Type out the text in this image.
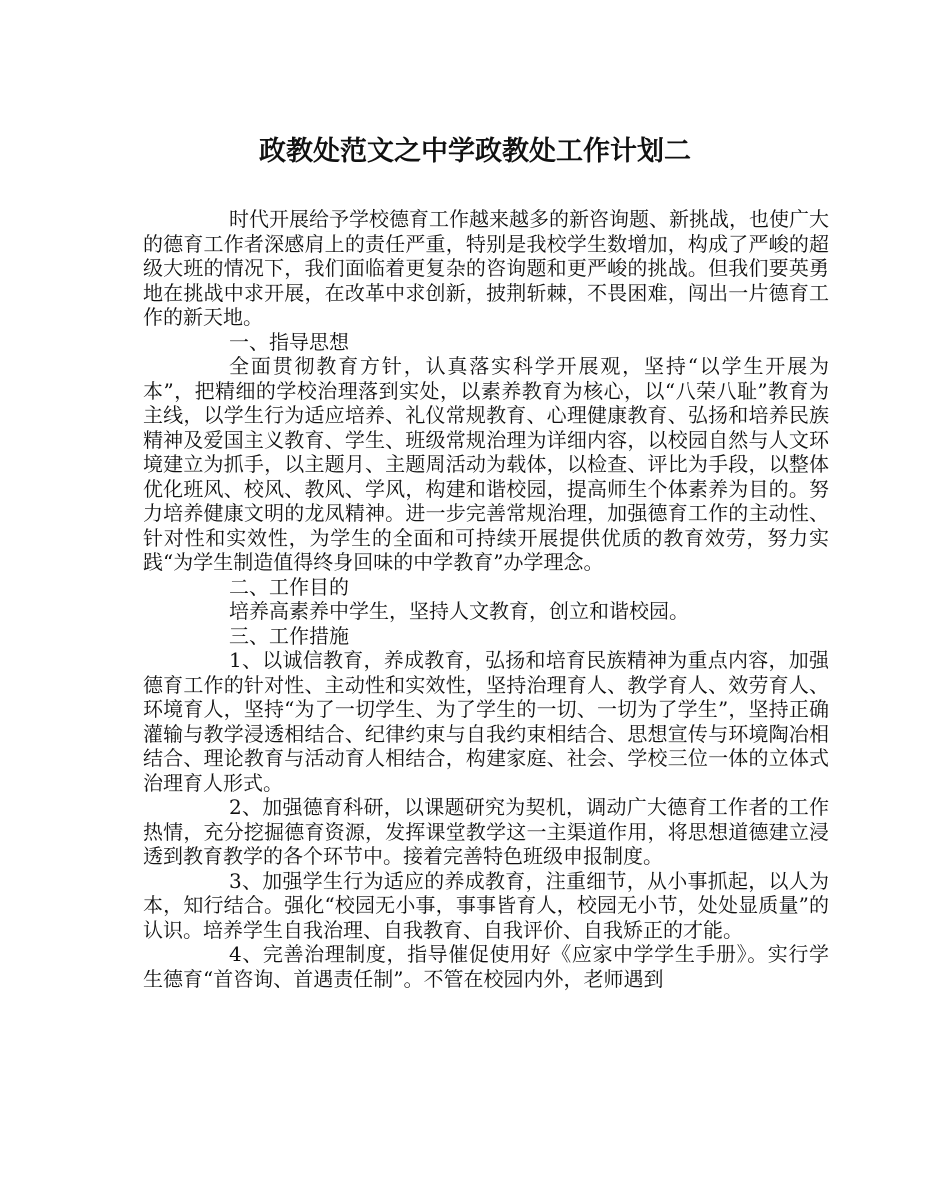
政教处范文之中学政教处工作计划二

时代开展给予学校德育工作越来越多的新咨询题、新挑战，也使广大的德育工作者深感肩上的责任严重，特别是我校学生数增加，构成了严峻的超级大班的情况下，我们面临着更复杂的咨询题和更严峻的挑战。但我们要英勇地在挑战中求开展，在改革中求创新，披荆斩棘，不畏困难，闯出一片德育工作的新天地。

一、指导思想

全面贯彻教育方针，认真落实科学开展观，坚持“以学生开展为本”，把精细的学校治理落到实处，以素养教育为核心，以“八荣八耻”教育为主线，以学生行为适应培养、礼仪常规教育、心理健康教育、弘扬和培养民族精神及爱国主义教育、学生、班级常规治理为详细内容，以校园自然与人文环境建立为抓手，以主题月、主题周活动为载体，以检查、评比为手段，以整体优化班风、校风、教风、学风，构建和谐校园，提高师生个体素养为目的。努力培养健康文明的龙凤精神。进一步完善常规治理，加强德育工作的主动性、针对性和实效性，为学生的全面和可持续开展提供优质的教育效劳，努力实践“为学生制造值得终身回味的中学教育”办学理念。

二、工作目的

培养高素养中学生，坚持人文教育，创立和谐校园。

三、工作措施

1、以诚信教育，养成教育，弘扬和培育民族精神为重点内容，加强德育工作的针对性、主动性和实效性，坚持治理育人、教学育人、效劳育人、环境育人，坚持“为了一切学生、为了学生的一切、一切为了学生”，坚持正确灌输与教学浸透相结合、纪律约束与自我约束相结合、思想宣传与环境陶冶相结合、理论教育与活动育人相结合，构建家庭、社会、学校三位一体的立体式治理育人形式。

2、加强德育科研，以课题研究为契机，调动广大德育工作者的工作热情，充分挖掘德育资源，发挥课堂教学这一主渠道作用，将思想道德建立浸透到教育教学的各个环节中。接着完善特色班级申报制度。

3、加强学生行为适应的养成教育，注重细节，从小事抓起，以人为本，知行结合。强化“校园无小事，事事皆育人，校园无小节，处处显质量”的认识。培养学生自我治理、自我教育、自我评价、自我矫正的才能。

4、完善治理制度，指导催促使用好《应家中学学生手册》。实行学生德育“首咨询、首遇责任制”。不管在校园内外，老师遇到
